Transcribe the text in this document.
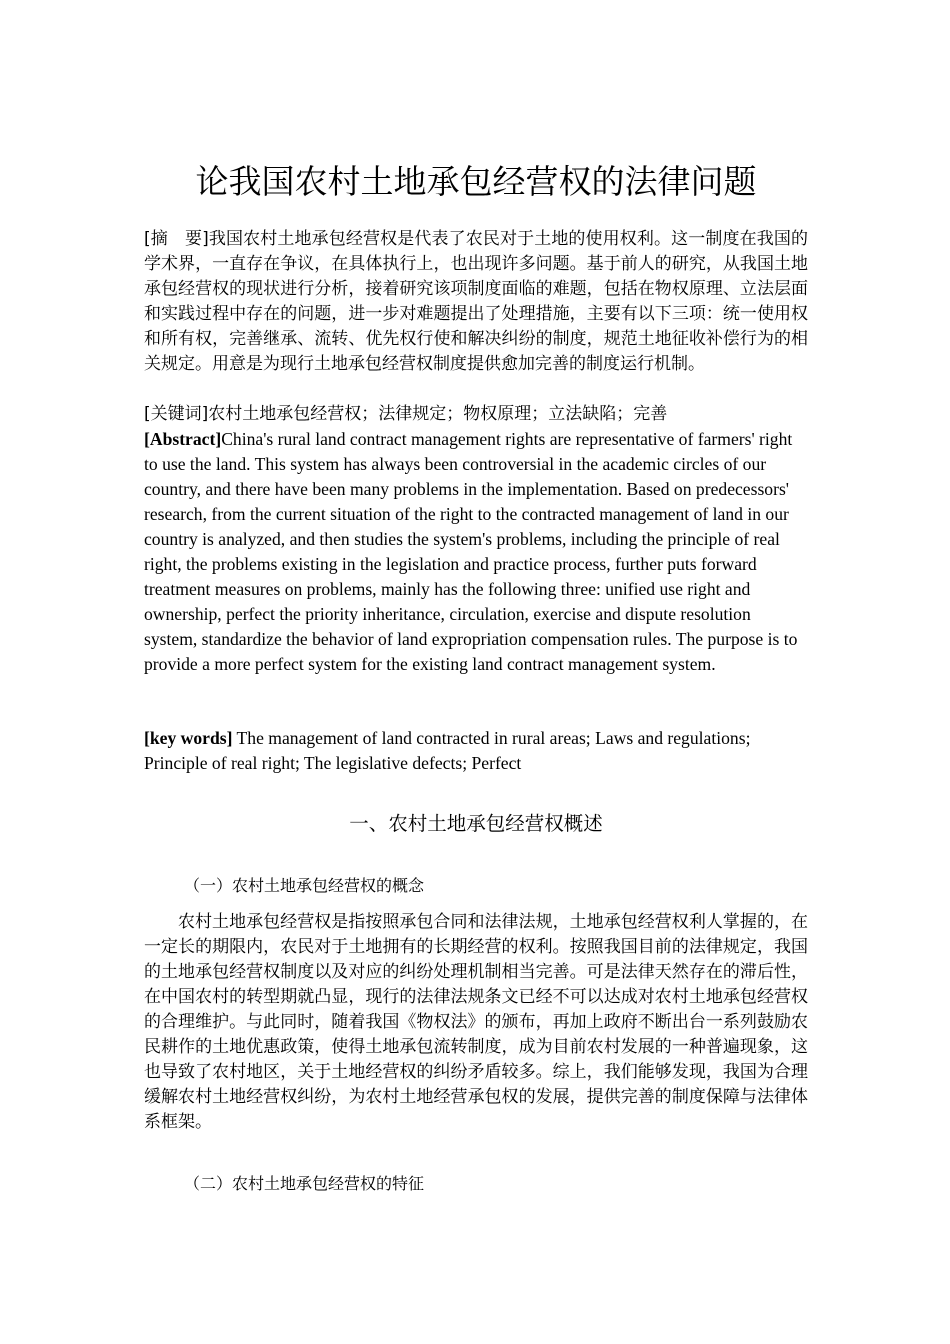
论我国农村土地承包经营权的法律问题
[摘　要]我国农村土地承包经营权是代表了农民对于土地的使用权利。这一制度在我国的学术界，一直存在争议，在具体执行上，也出现许多问题。基于前人的研究，从我国土地承包经营权的现状进行分析，接着研究该项制度面临的难题，包括在物权原理、立法层面和实践过程中存在的问题，进一步对难题提出了处理措施，主要有以下三项：统一使用权和所有权，完善继承、流转、优先权行使和解决纠纷的制度，规范土地征收补偿行为的相关规定。用意是为现行土地承包经营权制度提供愈加完善的制度运行机制。
[关键词]农村土地承包经营权；法律规定；物权原理；立法缺陷；完善
[Abstract]China's rural land contract management rights are representative of farmers' right to use the land. This system has always been controversial in the academic circles of our country, and there have been many problems in the implementation. Based on predecessors' research, from the current situation of the right to the contracted management of land in our country is analyzed, and then studies the system's problems, including the principle of real right, the problems existing in the legislation and practice process, further puts forward treatment measures on problems, mainly has the following three: unified use right and ownership, perfect the priority inheritance, circulation, exercise and dispute resolution system, standardize the behavior of land expropriation compensation rules. The purpose is to provide a more perfect system for the existing land contract management system.
[key words] The management of land contracted in rural areas; Laws and regulations; Principle of real right; The legislative defects; Perfect
一、农村土地承包经营权概述
（一）农村土地承包经营权的概念
农村土地承包经营权是指按照承包合同和法律法规，土地承包经营权利人掌握的，在一定长的期限内，农民对于土地拥有的长期经营的权利。按照我国目前的法律规定，我国的土地承包经营权制度以及对应的纠纷处理机制相当完善。可是法律天然存在的滞后性，在中国农村的转型期就凸显，现行的法律法规条文已经不可以达成对农村土地承包经营权的合理维护。与此同时，随着我国《物权法》的颁布，再加上政府不断出台一系列鼓励农民耕作的土地优惠政策，使得土地承包流转制度，成为目前农村发展的一种普遍现象，这也导致了农村地区，关于土地经营权的纠纷矛盾较多。综上，我们能够发现，我国为合理缓解农村土地经营权纠纷，为农村土地经营承包权的发展，提供完善的制度保障与法律体系框架。
（二）农村土地承包经营权的特征
